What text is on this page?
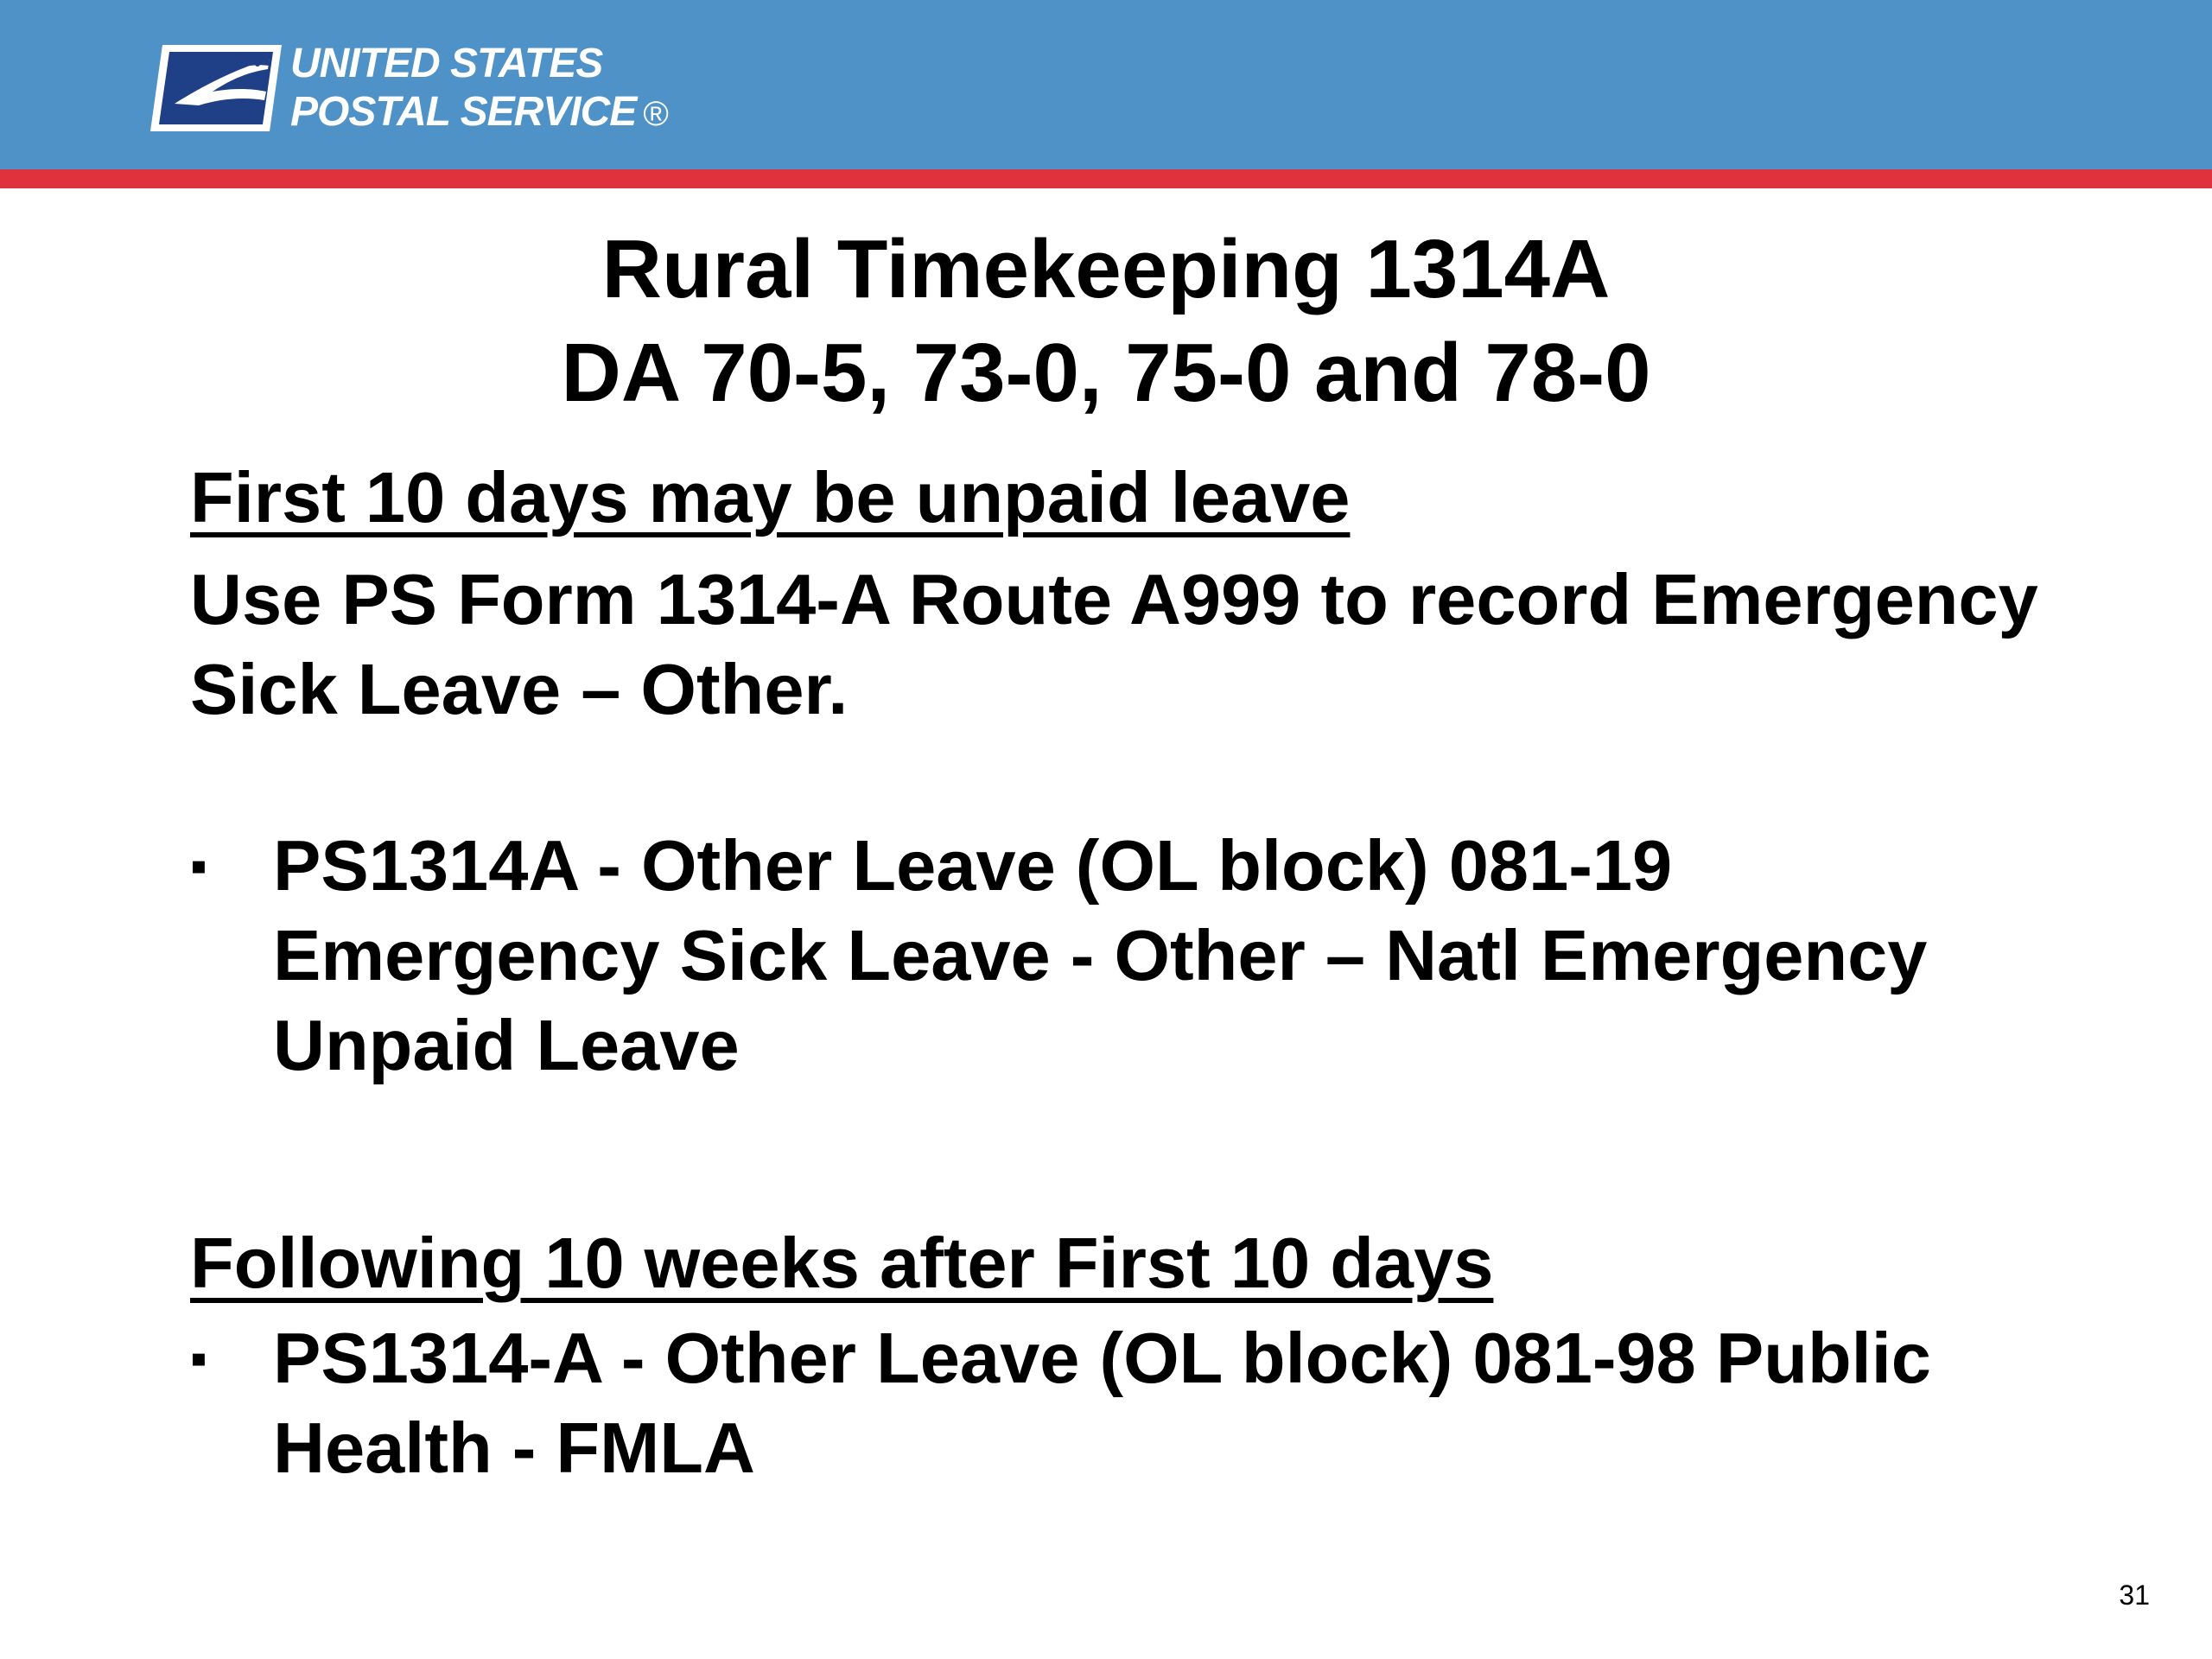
UNITED STATES
POSTAL SERVICE ®
Rural Timekeeping 1314A
DA 70-5, 73-0, 75-0 and 78-0
First 10 days may be unpaid leave
Use PS Form 1314-A Route A999 to record Emergency Sick Leave – Other.
▪ PS1314A - Other Leave (OL block) 081-19 Emergency Sick Leave - Other – Natl Emergency Unpaid Leave
Following 10 weeks after First 10 days
▪ PS1314-A - Other Leave (OL block) 081-98 Public Health - FMLA
31
